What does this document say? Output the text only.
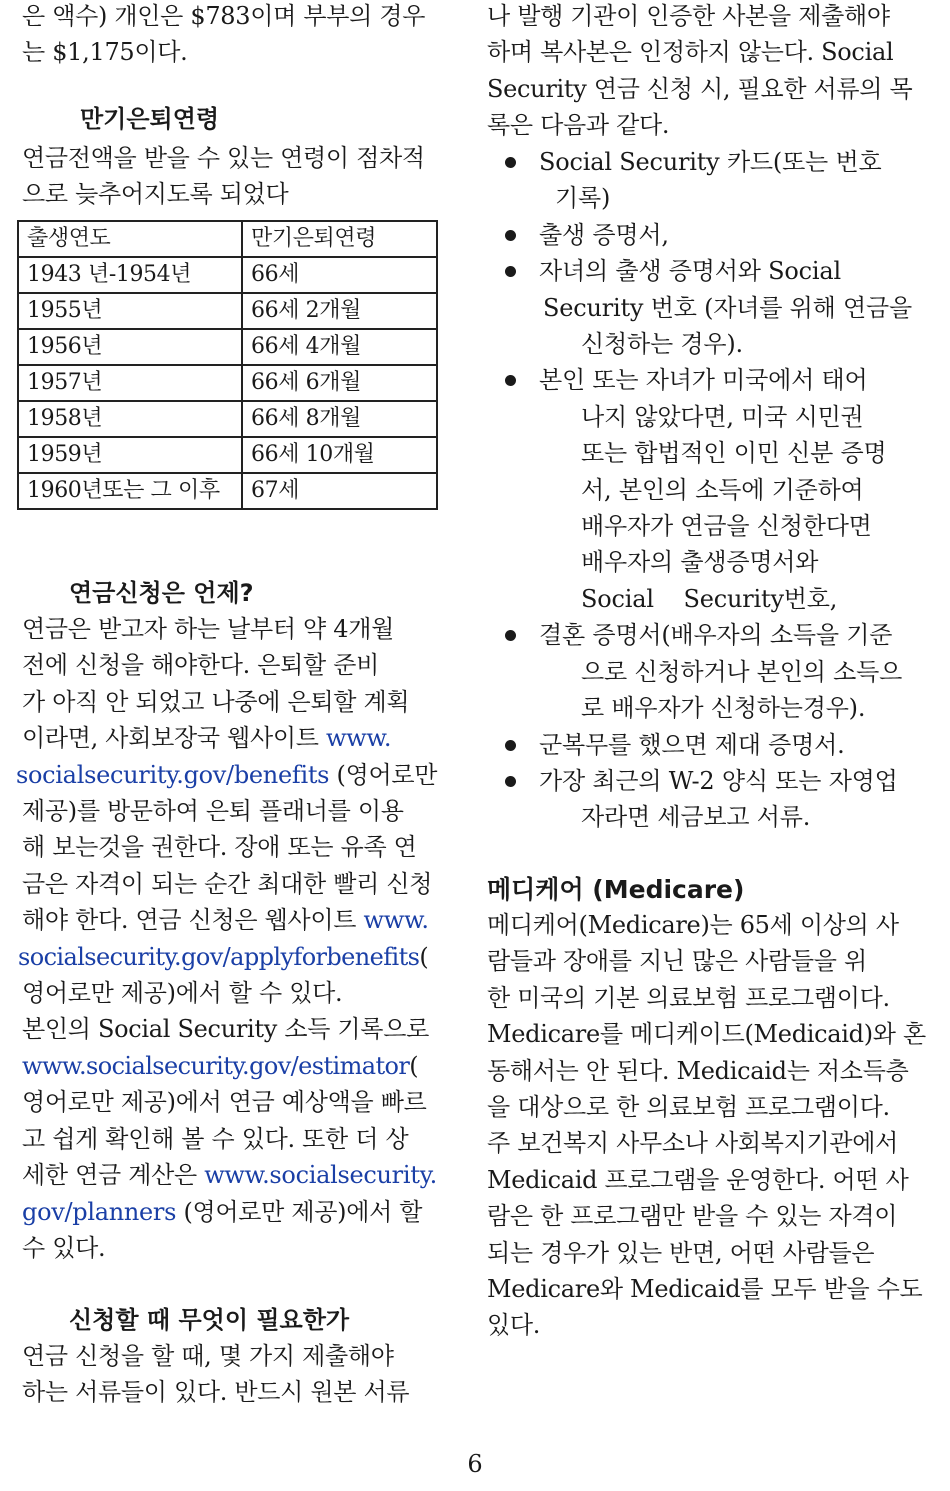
은 액수) 개인은 $783이며 부부의 경우
는 $1,175이다.
만기은퇴연령
연금전액을 받을 수 있는 연령이 점차적
으로 늦추어지도록 되었다
출생연도	만기은퇴연령
1943 년-1954년	66세
1955년	66세 2개월
1956년	66세 4개월
1957년	66세 6개월
1958년	66세 8개월
1959년	66세 10개월
1960년또는 그 이후	67세
연금신청은 언제?
연금은 받고자 하는 날부터 약 4개월
전에 신청을 해야한다. 은퇴할 준비
가 아직 안 되었고 나중에 은퇴할 계획
이라면, 사회보장국 웹사이트 www.
socialsecurity.gov/benefits (영어로만
제공)를 방문하여 은퇴 플래너를 이용
해 보는것을 권한다. 장애 또는 유족 연
금은 자격이 되는 순간 최대한 빨리 신청
해야 한다. 연금 신청은 웹사이트 www.
socialsecurity.gov/applyforbenefits(
영어로만 제공)에서 할 수 있다.
본인의 Social Security 소득 기록으로
www.socialsecurity.gov/estimator(
영어로만 제공)에서 연금 예상액을 빠르
고 쉽게 확인해 볼 수 있다. 또한 더 상
세한 연금 계산은 www.socialsecurity.
gov/planners (영어로만 제공)에서 할
수 있다.
신청할 때 무엇이 필요한가
연금 신청을 할 때, 몇 가지 제출해야
하는 서류들이 있다. 반드시 원본 서류
나 발행 기관이 인증한 사본을 제출해야
하며 복사본은 인정하지 않는다. Social
Security 연금 신청 시, 필요한 서류의 목
록은 다음과 같다.
Social Security 카드(또는 번호
기록)
출생 증명서,
자녀의 출생 증명서와 Social
Security 번호 (자녀를 위해 연금을
신청하는 경우).
본인 또는 자녀가 미국에서 태어
나지 않았다면, 미국 시민권
또는 합법적인 이민 신분 증명
서, 본인의 소득에 기준하여
배우자가 연금을 신청한다면
배우자의 출생증명서와
Social    Security번호,
결혼 증명서(배우자의 소득을 기준
으로 신청하거나 본인의 소득으
로 배우자가 신청하는경우).
군복무를 했으면 제대 증명서.
가장 최근의 W-2 양식 또는 자영업
자라면 세금보고 서류.
메디케어 (Medicare)
메디케어(Medicare)는 65세 이상의 사
람들과 장애를 지닌 많은 사람들을 위
한 미국의 기본 의료보험 프로그램이다.
Medicare를 메디케이드(Medicaid)와 혼
동해서는 안 된다. Medicaid는 저소득층
을 대상으로 한 의료보험 프로그램이다.
주 보건복지 사무소나 사회복지기관에서
Medicaid 프로그램을 운영한다. 어떤 사
람은 한 프로그램만 받을 수 있는 자격이
되는 경우가 있는 반면, 어떤 사람들은
Medicare와 Medicaid를 모두 받을 수도
있다.
6
